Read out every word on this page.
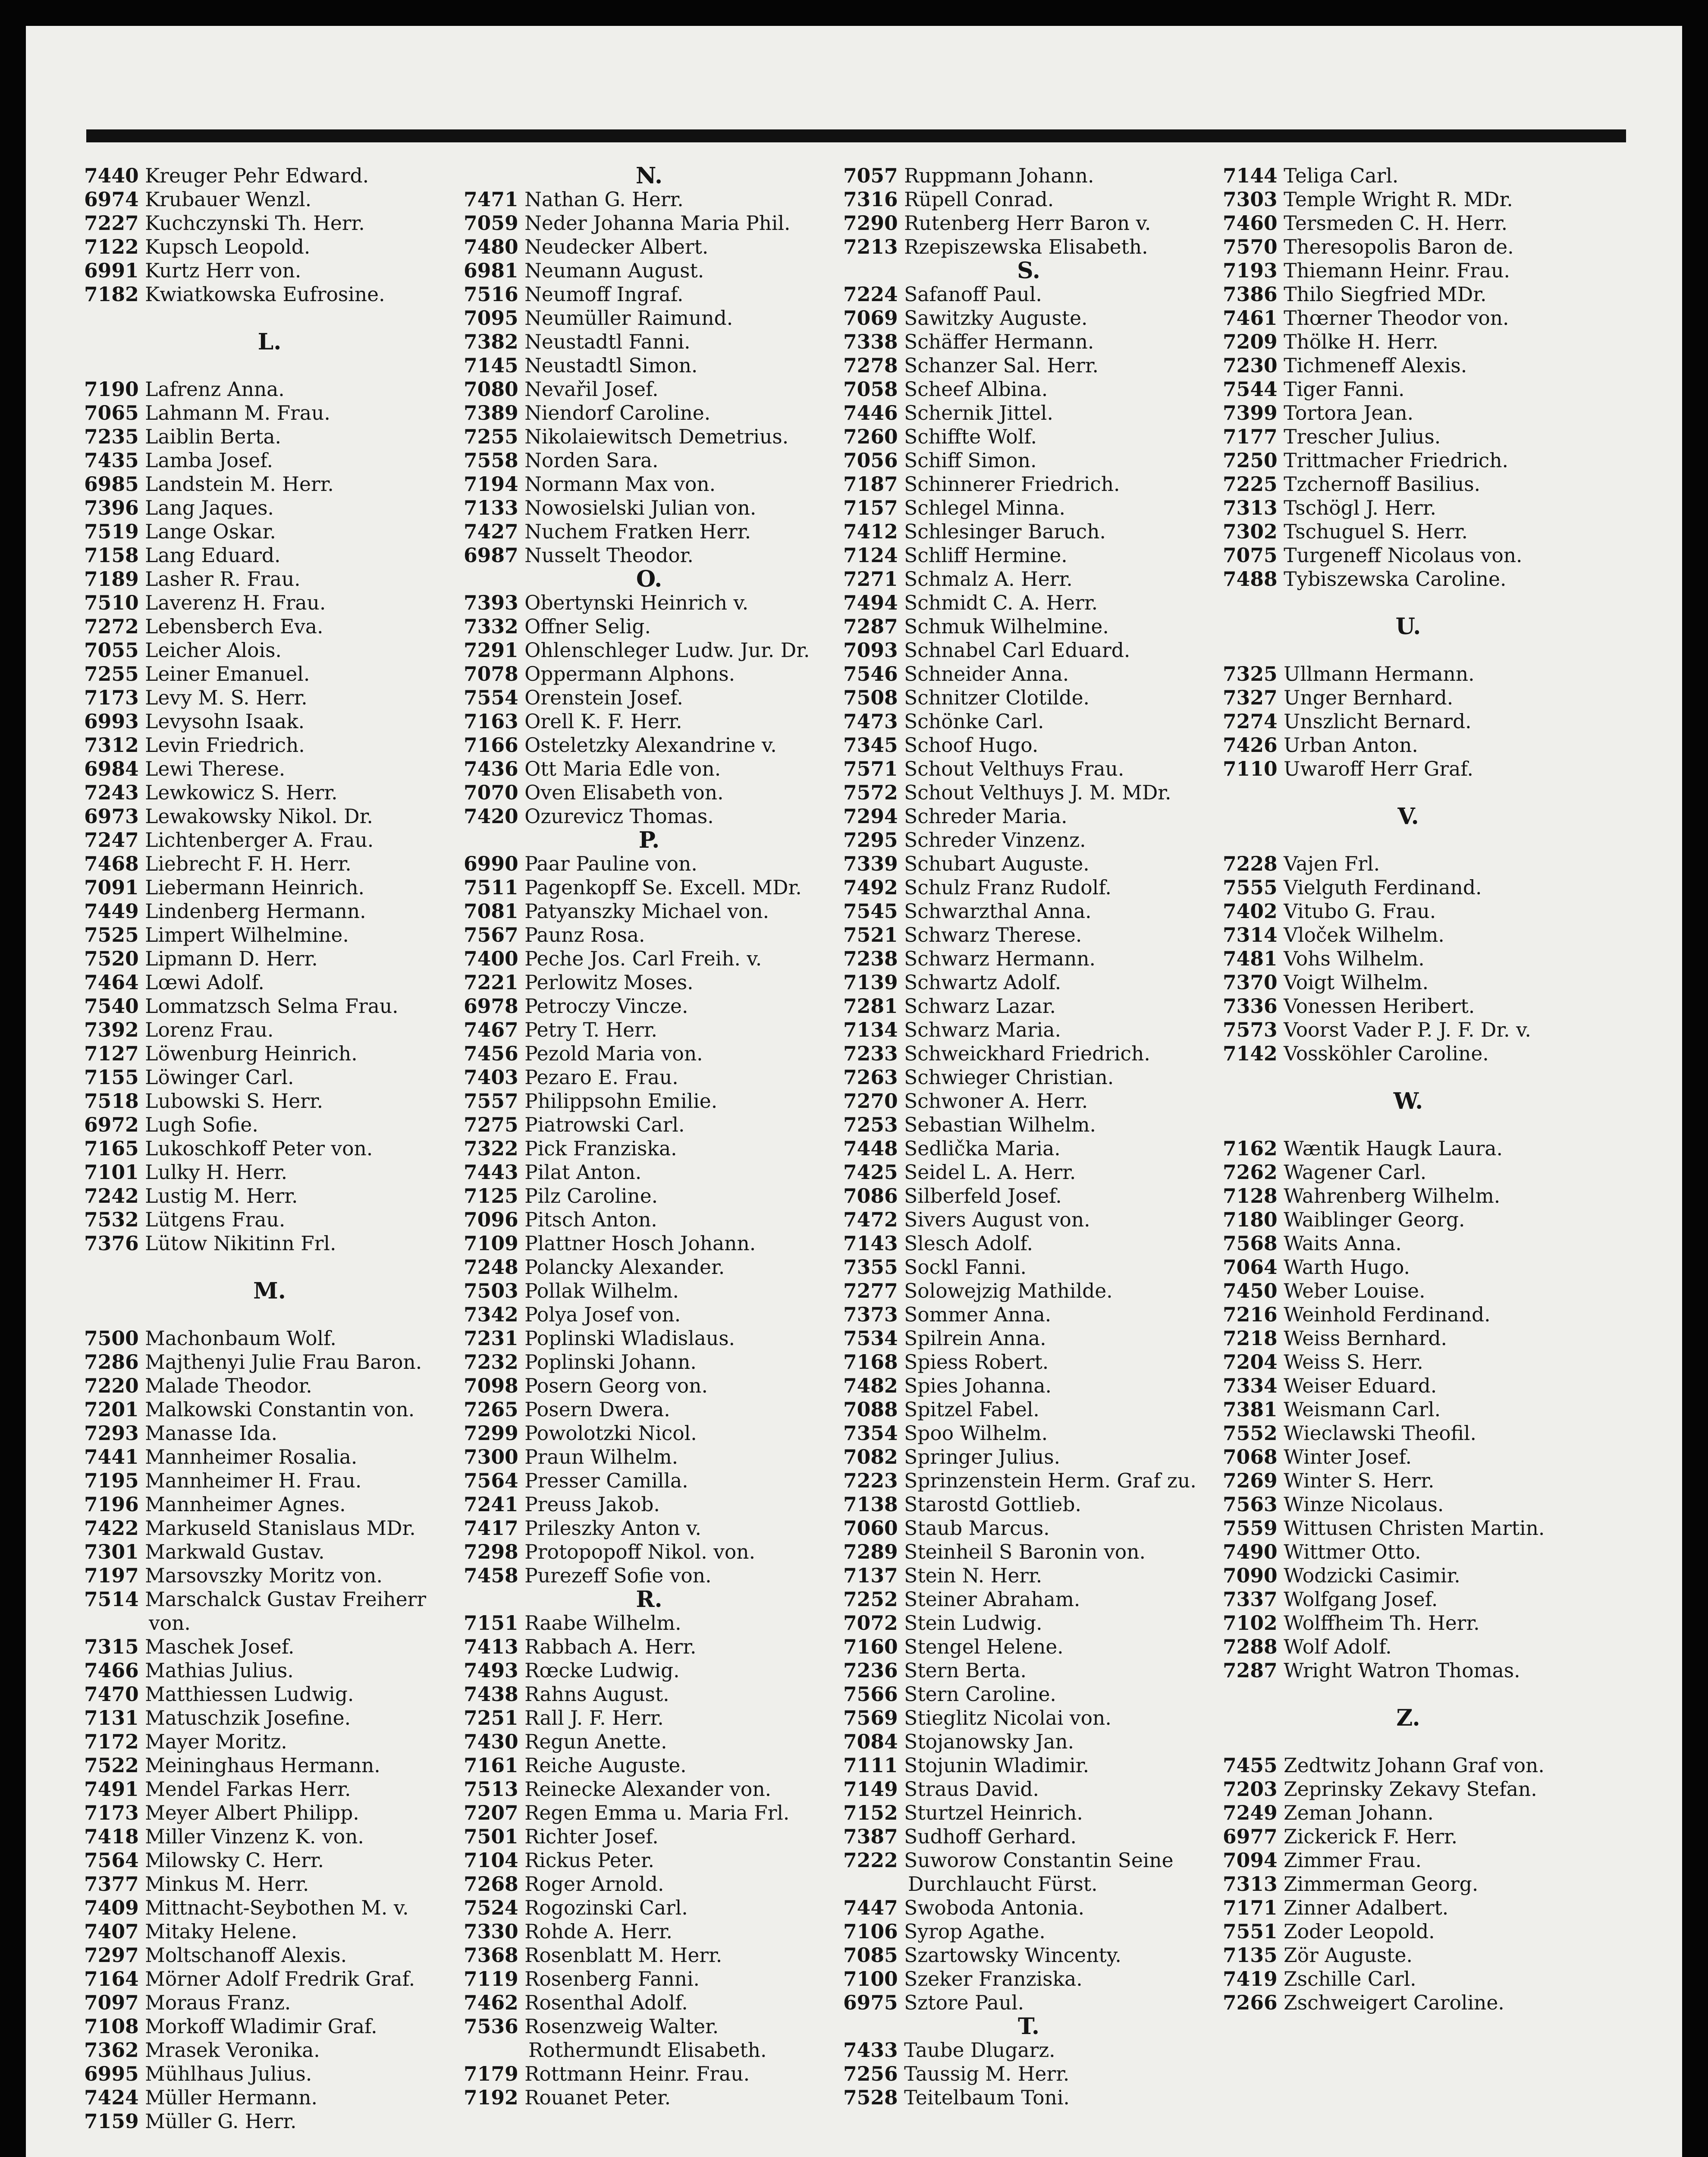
7440 Kreuger Pehr Edward.
6974 Krubauer Wenzl.
7227 Kuchczynski Th. Herr.
7122 Kupsch Leopold.
6991 Kurtz Herr von.
7182 Kwiatkowska Eufrosine.
L.
7190 Lafrenz Anna.
7065 Lahmann M. Frau.
7235 Laiblin Berta.
7435 Lamba Josef.
6985 Landstein M. Herr.
7396 Lang Jaques.
7519 Lange Oskar.
7158 Lang Eduard.
7189 Lasher R. Frau.
7510 Laverenz H. Frau.
7272 Lebensberch Eva.
7055 Leicher Alois.
7255 Leiner Emanuel.
7173 Levy M. S. Herr.
6993 Levysohn Isaak.
7312 Levin Friedrich.
6984 Lewi Therese.
7243 Lewkowicz S. Herr.
6973 Lewakowsky Nikol. Dr.
7247 Lichtenberger A. Frau.
7468 Liebrecht F. H. Herr.
7091 Liebermann Heinrich.
7449 Lindenberg Hermann.
7525 Limpert Wilhelmine.
7520 Lipmann D. Herr.
7464 Lœwi Adolf.
7540 Lommatzsch Selma Frau.
7392 Lorenz Frau.
7127 Löwenburg Heinrich.
7155 Löwinger Carl.
7518 Lubowski S. Herr.
6972 Lugh Sofie.
7165 Lukoschkoff Peter von.
7101 Lulky H. Herr.
7242 Lustig M. Herr.
7532 Lütgens Frau.
7376 Lütow Nikitinn Frl.
M.
7500 Machonbaum Wolf.
7286 Majthenyi Julie Frau Baron.
7220 Malade Theodor.
7201 Malkowski Constantin von.
7293 Manasse Ida.
7441 Mannheimer Rosalia.
7195 Mannheimer H. Frau.
7196 Mannheimer Agnes.
7422 Markuseld Stanislaus MDr.
7301 Markwald Gustav.
7197 Marsovszky Moritz von.
7514 Marschalck Gustav Freiherr
von.
7315 Maschek Josef.
7466 Mathias Julius.
7470 Matthiessen Ludwig.
7131 Matuschzik Josefine.
7172 Mayer Moritz.
7522 Meininghaus Hermann.
7491 Mendel Farkas Herr.
7173 Meyer Albert Philipp.
7418 Miller Vinzenz K. von.
7564 Milowsky C. Herr.
7377 Minkus M. Herr.
7409 Mittnacht-Seybothen M. v.
7407 Mitaky Helene.
7297 Moltschanoff Alexis.
7164 Mörner Adolf Fredrik Graf.
7097 Moraus Franz.
7108 Morkoff Wladimir Graf.
7362 Mrasek Veronika.
6995 Mühlhaus Julius.
7424 Müller Hermann.
7159 Müller G. Herr.
N.
7471 Nathan G. Herr.
7059 Neder Johanna Maria Phil.
7480 Neudecker Albert.
6981 Neumann August.
7516 Neumoff Ingraf.
7095 Neumüller Raimund.
7382 Neustadtl Fanni.
7145 Neustadtl Simon.
7080 Nevařil Josef.
7389 Niendorf Caroline.
7255 Nikolaiewitsch Demetrius.
7558 Norden Sara.
7194 Normann Max von.
7133 Nowosielski Julian von.
7427 Nuchem Fratken Herr.
6987 Nusselt Theodor.
O.
7393 Obertynski Heinrich v.
7332 Offner Selig.
7291 Ohlenschleger Ludw. Jur. Dr.
7078 Oppermann Alphons.
7554 Orenstein Josef.
7163 Orell K. F. Herr.
7166 Osteletzky Alexandrine v.
7436 Ott Maria Edle von.
7070 Oven Elisabeth von.
7420 Ozurevicz Thomas.
P.
6990 Paar Pauline von.
7511 Pagenkopff Se. Excell. MDr.
7081 Patyanszky Michael von.
7567 Paunz Rosa.
7400 Peche Jos. Carl Freih. v.
7221 Perlowitz Moses.
6978 Petroczy Vincze.
7467 Petry T. Herr.
7456 Pezold Maria von.
7403 Pezaro E. Frau.
7557 Philippsohn Emilie.
7275 Piatrowski Carl.
7322 Pick Franziska.
7443 Pilat Anton.
7125 Pilz Caroline.
7096 Pitsch Anton.
7109 Plattner Hosch Johann.
7248 Polancky Alexander.
7503 Pollak Wilhelm.
7342 Polya Josef von.
7231 Poplinski Wladislaus.
7232 Poplinski Johann.
7098 Posern Georg von.
7265 Posern Dwera.
7299 Powolotzki Nicol.
7300 Praun Wilhelm.
7564 Presser Camilla.
7241 Preuss Jakob.
7417 Prileszky Anton v.
7298 Protopopoff Nikol. von.
7458 Purezeff Sofie von.
R.
7151 Raabe Wilhelm.
7413 Rabbach A. Herr.
7493 Rœcke Ludwig.
7438 Rahns August.
7251 Rall J. F. Herr.
7430 Regun Anette.
7161 Reiche Auguste.
7513 Reinecke Alexander von.
7207 Regen Emma u. Maria Frl.
7501 Richter Josef.
7104 Rickus Peter.
7268 Roger Arnold.
7524 Rogozinski Carl.
7330 Rohde A. Herr.
7368 Rosenblatt M. Herr.
7119 Rosenberg Fanni.
7462 Rosenthal Adolf.
7536 Rosenzweig Walter.
Rothermundt Elisabeth.
7179 Rottmann Heinr. Frau.
7192 Rouanet Peter.
7057 Ruppmann Johann.
7316 Rüpell Conrad.
7290 Rutenberg Herr Baron v.
7213 Rzepiszewska Elisabeth.
S.
7224 Safanoff Paul.
7069 Sawitzky Auguste.
7338 Schäffer Hermann.
7278 Schanzer Sal. Herr.
7058 Scheef Albina.
7446 Schernik Jittel.
7260 Schiffte Wolf.
7056 Schiff Simon.
7187 Schinnerer Friedrich.
7157 Schlegel Minna.
7412 Schlesinger Baruch.
7124 Schliff Hermine.
7271 Schmalz A. Herr.
7494 Schmidt C. A. Herr.
7287 Schmuk Wilhelmine.
7093 Schnabel Carl Eduard.
7546 Schneider Anna.
7508 Schnitzer Clotilde.
7473 Schönke Carl.
7345 Schoof Hugo.
7571 Schout Velthuys Frau.
7572 Schout Velthuys J. M. MDr.
7294 Schreder Maria.
7295 Schreder Vinzenz.
7339 Schubart Auguste.
7492 Schulz Franz Rudolf.
7545 Schwarzthal Anna.
7521 Schwarz Therese.
7238 Schwarz Hermann.
7139 Schwartz Adolf.
7281 Schwarz Lazar.
7134 Schwarz Maria.
7233 Schweickhard Friedrich.
7263 Schwieger Christian.
7270 Schwoner A. Herr.
7253 Sebastian Wilhelm.
7448 Sedlička Maria.
7425 Seidel L. A. Herr.
7086 Silberfeld Josef.
7472 Sivers August von.
7143 Slesch Adolf.
7355 Sockl Fanni.
7277 Solowejzig Mathilde.
7373 Sommer Anna.
7534 Spilrein Anna.
7168 Spiess Robert.
7482 Spies Johanna.
7088 Spitzel Fabel.
7354 Spoo Wilhelm.
7082 Springer Julius.
7223 Sprinzenstein Herm. Graf zu.
7138 Starostd Gottlieb.
7060 Staub Marcus.
7289 Steinheil S Baronin von.
7137 Stein N. Herr.
7252 Steiner Abraham.
7072 Stein Ludwig.
7160 Stengel Helene.
7236 Stern Berta.
7566 Stern Caroline.
7569 Stieglitz Nicolai von.
7084 Stojanowsky Jan.
7111 Stojunin Wladimir.
7149 Straus David.
7152 Sturtzel Heinrich.
7387 Sudhoff Gerhard.
7222 Suworow Constantin Seine
Durchlaucht Fürst.
7447 Swoboda Antonia.
7106 Syrop Agathe.
7085 Szartowsky Wincenty.
7100 Szeker Franziska.
6975 Sztore Paul.
T.
7433 Taube Dlugarz.
7256 Taussig M. Herr.
7528 Teitelbaum Toni.
7144 Teliga Carl.
7303 Temple Wright R. MDr.
7460 Tersmeden C. H. Herr.
7570 Theresopolis Baron de.
7193 Thiemann Heinr. Frau.
7386 Thilo Siegfried MDr.
7461 Thœrner Theodor von.
7209 Thölke H. Herr.
7230 Tichmeneff Alexis.
7544 Tiger Fanni.
7399 Tortora Jean.
7177 Trescher Julius.
7250 Trittmacher Friedrich.
7225 Tzchernoff Basilius.
7313 Tschögl J. Herr.
7302 Tschuguel S. Herr.
7075 Turgeneff Nicolaus von.
7488 Tybiszewska Caroline.
U.
7325 Ullmann Hermann.
7327 Unger Bernhard.
7274 Unszlicht Bernard.
7426 Urban Anton.
7110 Uwaroff Herr Graf.
V.
7228 Vajen Frl.
7555 Vielguth Ferdinand.
7402 Vitubo G. Frau.
7314 Vloček Wilhelm.
7481 Vohs Wilhelm.
7370 Voigt Wilhelm.
7336 Vonessen Heribert.
7573 Voorst Vader P. J. F. Dr. v.
7142 Vossköhler Caroline.
W.
7162 Wæntik Haugk Laura.
7262 Wagener Carl.
7128 Wahrenberg Wilhelm.
7180 Waiblinger Georg.
7568 Waits Anna.
7064 Warth Hugo.
7450 Weber Louise.
7216 Weinhold Ferdinand.
7218 Weiss Bernhard.
7204 Weiss S. Herr.
7334 Weiser Eduard.
7381 Weismann Carl.
7552 Wieclawski Theofil.
7068 Winter Josef.
7269 Winter S. Herr.
7563 Winze Nicolaus.
7559 Wittusen Christen Martin.
7490 Wittmer Otto.
7090 Wodzicki Casimir.
7337 Wolfgang Josef.
7102 Wolffheim Th. Herr.
7288 Wolf Adolf.
7287 Wright Watron Thomas.
Z.
7455 Zedtwitz Johann Graf von.
7203 Zeprinsky Zekavy Stefan.
7249 Zeman Johann.
6977 Zickerick F. Herr.
7094 Zimmer Frau.
7313 Zimmerman Georg.
7171 Zinner Adalbert.
7551 Zoder Leopold.
7135 Zör Auguste.
7419 Zschille Carl.
7266 Zschweigert Caroline.
